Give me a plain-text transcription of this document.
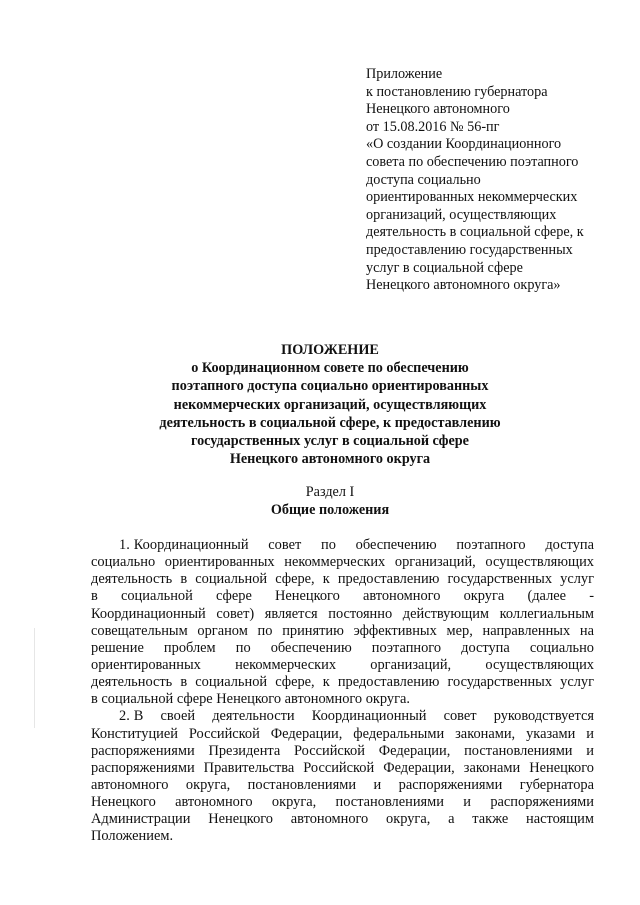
Приложение
к постановлению губернатора
Ненецкого автономного
от 15.08.2016 № 56-пг
«О создании Координационного
совета по обеспечению поэтапного
доступа социально
ориентированных некоммерческих
организаций, осуществляющих
деятельность в социальной сфере, к
предоставлению государственных
услуг в социальной сфере
Ненецкого автономного округа»
ПОЛОЖЕНИЕ
о Координационном совете по обеспечению
поэтапного доступа социально ориентированных
некоммерческих организаций, осуществляющих
деятельность в социальной сфере, к предоставлению
государственных услуг в социальной сфере
Ненецкого автономного округа
Раздел I
Общие положения
1. Координационный совет по обеспечению поэтапного доступа
социально ориентированных некоммерческих организаций, осуществляющих
деятельность в социальной сфере, к предоставлению государственных услуг
в социальной сфере Ненецкого автономного округа (далее -
Координационный совет) является постоянно действующим коллегиальным
совещательным органом по принятию эффективных мер, направленных на
решение проблем по обеспечению поэтапного доступа социально
ориентированных некоммерческих организаций, осуществляющих
деятельность в социальной сфере, к предоставлению государственных услуг
в социальной сфере Ненецкого автономного округа.
2. В своей деятельности Координационный совет руководствуется
Конституцией Российской Федерации, федеральными законами, указами и
распоряжениями Президента Российской Федерации, постановлениями и
распоряжениями Правительства Российской Федерации, законами Ненецкого
автономного округа, постановлениями и распоряжениями губернатора
Ненецкого автономного округа, постановлениями и распоряжениями
Администрации Ненецкого автономного округа, а также настоящим
Положением.
